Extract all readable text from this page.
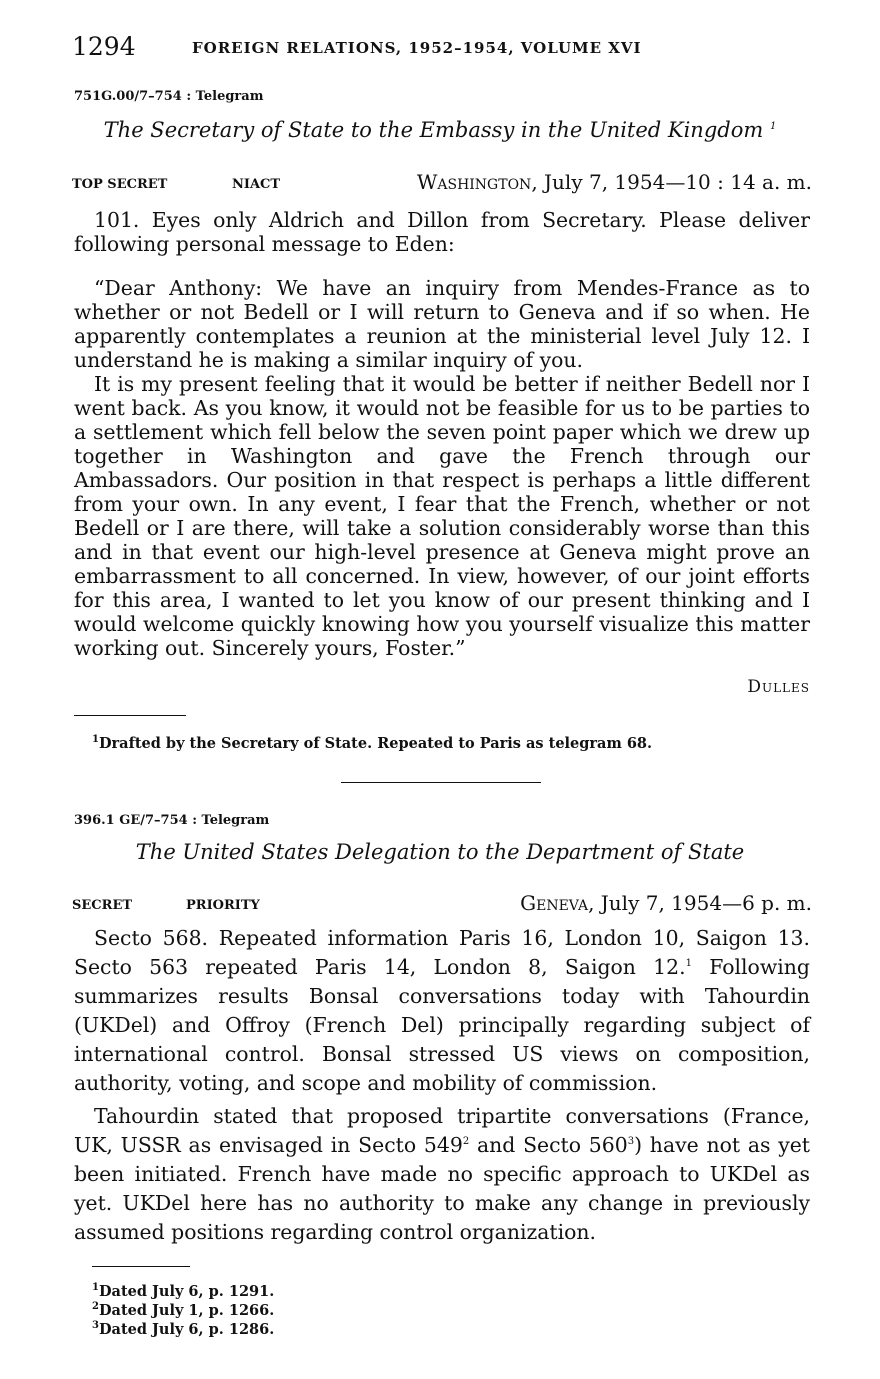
1294	FOREIGN RELATIONS, 1952–1954, VOLUME XVI
751G.00/7–754 : Telegram
The Secretary of State to the Embassy in the United Kingdom $^1$
TOP SECRET	NIACT	Washington, July 7, 1954—10 : 14 a. m.

101. Eyes only Aldrich and Dillon from Secretary. Please deliver following personal message to Eden:

“Dear Anthony: We have an inquiry from Mendes-France as to whether or not Bedell or I will return to Geneva and if so when. He apparently contemplates a reunion at the ministerial level July 12. I understand he is making a similar inquiry of you.

It is my present feeling that it would be better if neither Bedell nor I went back. As you know, it would not be feasible for us to be parties to a settlement which fell below the seven point paper which we drew up together in Washington and gave the French through our Ambassadors. Our position in that respect is perhaps a little different from your own. In any event, I fear that the French, whether or not Bedell or I are there, will take a solution considerably worse than this and in that event our high-level presence at Geneva might prove an embarrassment to all concerned. In view, however, of our joint efforts for this area, I wanted to let you know of our present thinking and I would welcome quickly knowing how you yourself visualize this matter working out. Sincerely yours, Foster.”

Dulles
$^1$Drafted by the Secretary of State. Repeated to Paris as telegram 68.
396.1 GE/7–754 : Telegram
The United States Delegation to the Department of State
SECRET	PRIORITY	Geneva, July 7, 1954—6 p. m.

Secto 568. Repeated information Paris 16, London 10, Saigon 13. Secto 563 repeated Paris 14, London 8, Saigon 12.$^1$ Following summarizes results Bonsal conversations today with Tahourdin (UKDel) and Offroy (French Del) principally regarding subject of international control. Bonsal stressed US views on composition, authority, voting, and scope and mobility of commission.

Tahourdin stated that proposed tripartite conversations (France, UK, USSR as envisaged in Secto $549^2$ and Secto $560^3$) have not as yet been initiated. French have made no specific approach to UKDel as yet. UKDel here has no authority to make any change in previously assumed positions regarding control organization.

$^1$Dated July 6, p. 1291.
$^2$Dated July 1, p. 1266.
$^3$Dated July 6, p. 1286.
